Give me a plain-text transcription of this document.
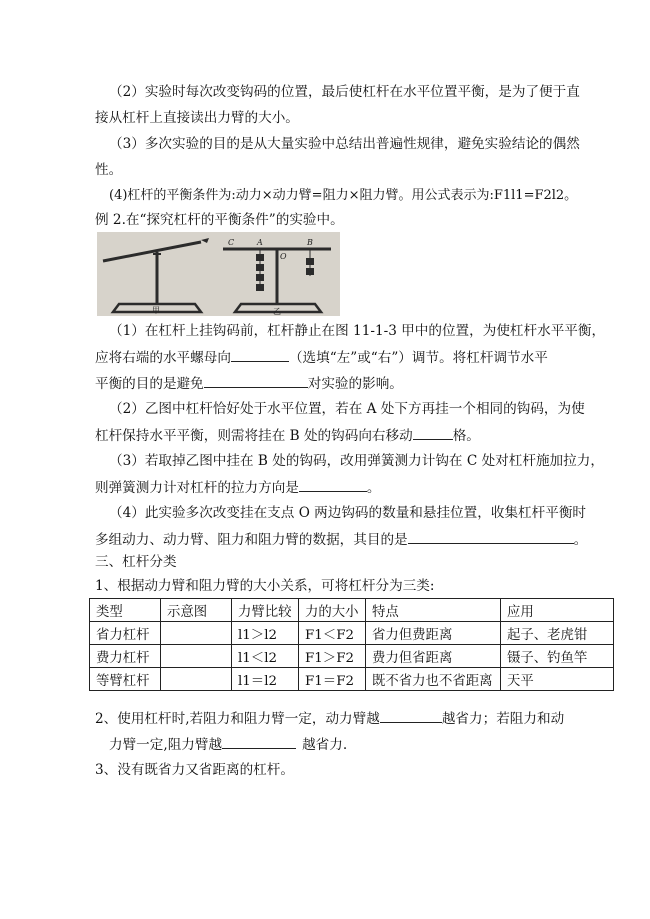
（2）实验时每次改变钩码的位置，最后使杠杆在水平位置平衡，是为了便于直
接从杠杆上直接读出力臂的大小。
（3）多次实验的目的是从大量实验中总结出普遍性规律，避免实验结论的偶然
性。
(4)杠杆的平衡条件为:动力×动力臂=阻力×阻力臂。用公式表示为:F1l1=F2l2。
例 2.在“探究杠杆的平衡条件”的实验中。
甲
C	A
O
B
乙
（1）在杠杆上挂钩码前，杠杆静止在图 11-1-3 甲中的位置，为使杠杆水平平衡，
应将右端的水平螺母向	（选填“左”或“右”）调节。将杠杆调节水平
平衡的目的是避免	对实验的影响。
（2）乙图中杠杆恰好处于水平位置，若在 A 处下方再挂一个相同的钩码，为使
杠杆保持水平平衡，则需将挂在 B 处的钩码向右移动	格。
（3）若取掉乙图中挂在 B 处的钩码，改用弹簧测力计钩在 C 处对杠杆施加拉力，
则弹簧测力计对杠杆的拉力方向是	。
（4）此实验多次改变挂在支点 O 两边钩码的数量和悬挂位置，收集杠杆平衡时
多组动力、动力臂、阻力和阻力臂的数据，其目的是	。
三、杠杆分类
1、根据动力臂和阻力臂的大小关系，可将杠杆分为三类:
类型	示意图	力臂比较	力的大小	特点	应用
省力杠杆		l1＞l2	F1＜F2	省力但费距离	起子、老虎钳
费力杠杆		l1＜l2	F1＞F2	费力但省距离	镊子、钓鱼竿
等臂杠杆		l1＝l2	F1＝F2	既不省力也不省距离	天平
2、使用杠杆时,若阻力和阻力臂一定，动力臂越	越省力；若阻力和动
力臂一定,阻力臂越	越省力.
3、没有既省力又省距离的杠杆。
